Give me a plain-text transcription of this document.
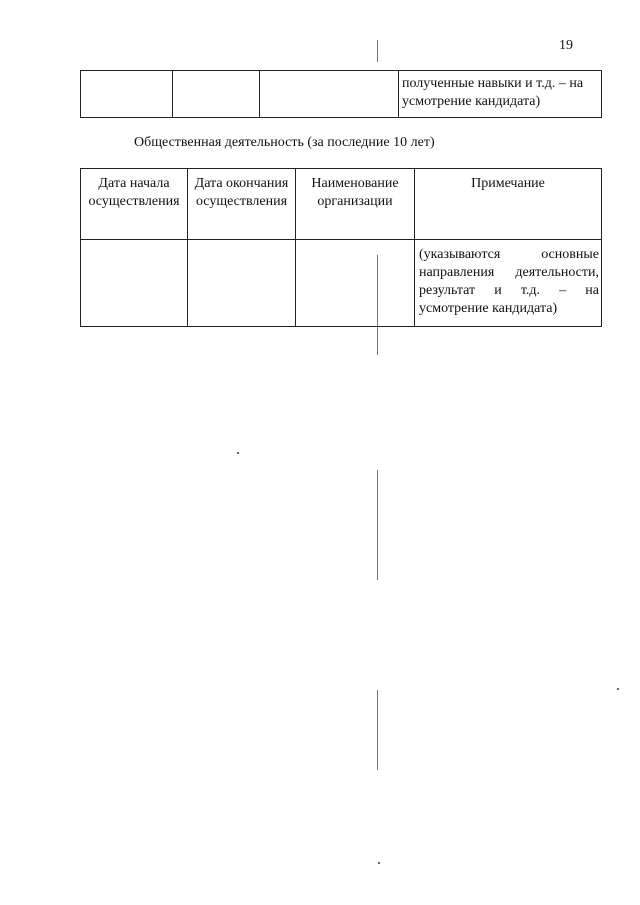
19
			полученные навыки и т.д. – на усмотрение кандидата)
Общественная деятельность (за последние 10 лет)
Дата начала осуществления	Дата окончания осуществления	Наименование организации	Примечание
			(указываются основные направления деятельности, результат и т.д. – на усмотрение кандидата)
